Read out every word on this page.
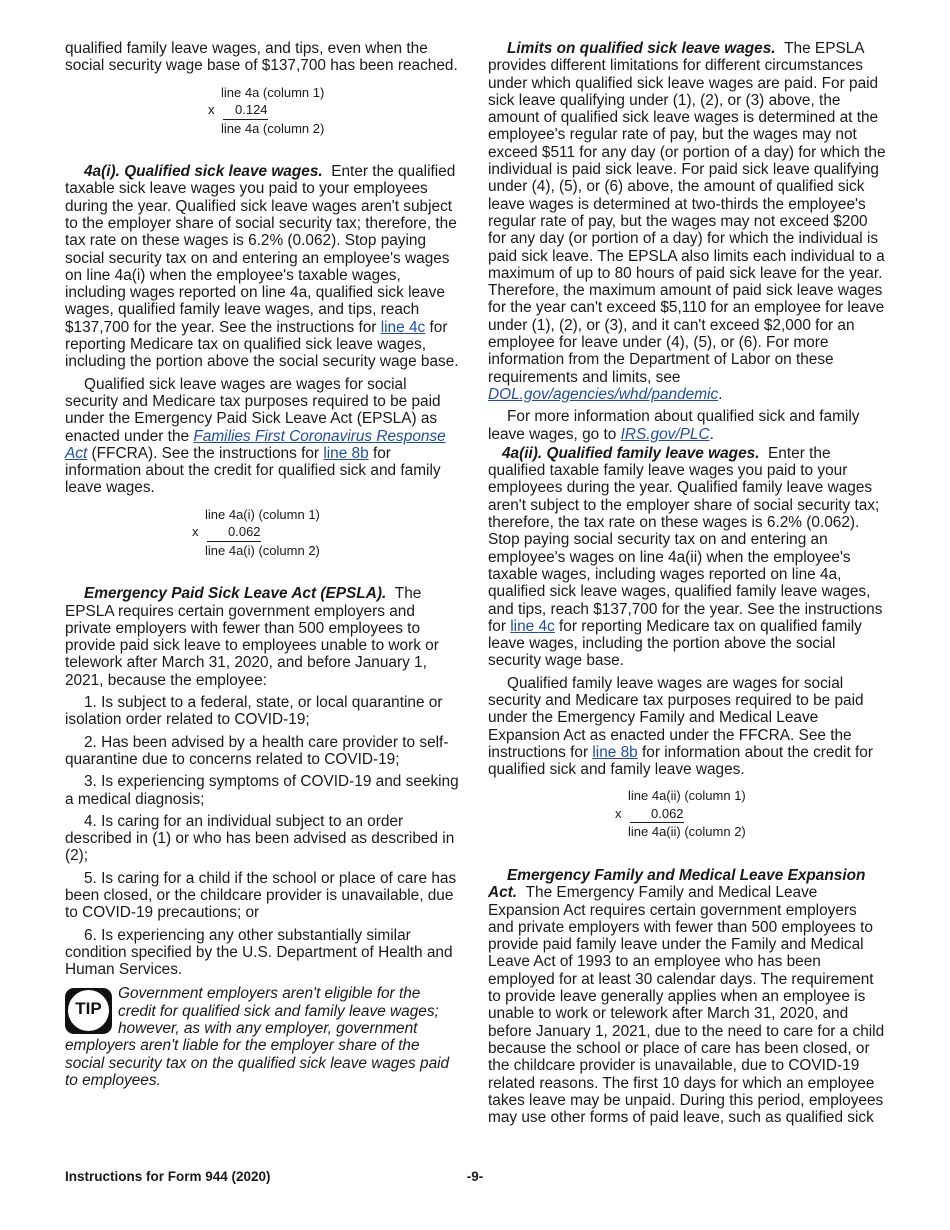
qualified family leave wages, and tips, even when the social security wage base of $137,700 has been reached.

line 4a (column 1)
x 0.124
line 4a (column 2)

4a(i). Qualified sick leave wages. Enter the qualified taxable sick leave wages you paid to your employees during the year. Qualified sick leave wages aren't subject to the employer share of social security tax; therefore, the tax rate on these wages is 6.2% (0.062). Stop paying social security tax on and entering an employee's wages on line 4a(i) when the employee's taxable wages, including wages reported on line 4a, qualified sick leave wages, qualified family leave wages, and tips, reach $137,700 for the year. See the instructions for line 4c for reporting Medicare tax on qualified sick leave wages, including the portion above the social security wage base.

Qualified sick leave wages are wages for social security and Medicare tax purposes required to be paid under the Emergency Paid Sick Leave Act (EPSLA) as enacted under the Families First Coronavirus Response Act (FFCRA). See the instructions for line 8b for information about the credit for qualified sick and family leave wages.

line 4a(i) (column 1)
x 0.062
line 4a(i) (column 2)

Emergency Paid Sick Leave Act (EPSLA). The EPSLA requires certain government employers and private employers with fewer than 500 employees to provide paid sick leave to employees unable to work or telework after March 31, 2020, and before January 1, 2021, because the employee:

1. Is subject to a federal, state, or local quarantine or isolation order related to COVID-19;

2. Has been advised by a health care provider to self-quarantine due to concerns related to COVID-19;

3. Is experiencing symptoms of COVID-19 and seeking a medical diagnosis;

4. Is caring for an individual subject to an order described in (1) or who has been advised as described in (2);

5. Is caring for a child if the school or place of care has been closed, or the childcare provider is unavailable, due to COVID-19 precautions; or

6. Is experiencing any other substantially similar condition specified by the U.S. Department of Health and Human Services.

TIP

Government employers aren't eligible for the credit for qualified sick and family leave wages; however, as with any employer, government employers aren't liable for the employer share of the social security tax on the qualified sick leave wages paid to employees.

Limits on qualified sick leave wages. The EPSLA provides different limitations for different circumstances under which qualified sick leave wages are paid. For paid sick leave qualifying under (1), (2), or (3) above, the amount of qualified sick leave wages is determined at the employee's regular rate of pay, but the wages may not exceed $511 for any day (or portion of a day) for which the individual is paid sick leave. For paid sick leave qualifying under (4), (5), or (6) above, the amount of qualified sick leave wages is determined at two-thirds the employee's regular rate of pay, but the wages may not exceed $200 for any day (or portion of a day) for which the individual is paid sick leave. The EPSLA also limits each individual to a maximum of up to 80 hours of paid sick leave for the year. Therefore, the maximum amount of paid sick leave wages for the year can't exceed $5,110 for an employee for leave under (1), (2), or (3), and it can't exceed $2,000 for an employee for leave under (4), (5), or (6). For more information from the Department of Labor on these requirements and limits, see DOL.gov/agencies/whd/pandemic.

For more information about qualified sick and family leave wages, go to IRS.gov/PLC.

4a(ii). Qualified family leave wages. Enter the qualified taxable family leave wages you paid to your employees during the year. Qualified family leave wages aren't subject to the employer share of social security tax; therefore, the tax rate on these wages is 6.2% (0.062). Stop paying social security tax on and entering an employee's wages on line 4a(ii) when the employee's taxable wages, including wages reported on line 4a, qualified sick leave wages, qualified family leave wages, and tips, reach $137,700 for the year. See the instructions for line 4c for reporting Medicare tax on qualified family leave wages, including the portion above the social security wage base.

Qualified family leave wages are wages for social security and Medicare tax purposes required to be paid under the Emergency Family and Medical Leave Expansion Act as enacted under the FFCRA. See the instructions for line 8b for information about the credit for qualified sick and family leave wages.

line 4a(ii) (column 1)
x 0.062
line 4a(ii) (column 2)

Emergency Family and Medical Leave Expansion Act. The Emergency Family and Medical Leave Expansion Act requires certain government employers and private employers with fewer than 500 employees to provide paid family leave under the Family and Medical Leave Act of 1993 to an employee who has been employed for at least 30 calendar days. The requirement to provide leave generally applies when an employee is unable to work or telework after March 31, 2020, and before January 1, 2021, due to the need to care for a child because the school or place of care has been closed, or the childcare provider is unavailable, due to COVID-19 related reasons. The first 10 days for which an employee takes leave may be unpaid. During this period, employees may use other forms of paid leave, such as qualified sick

-9-
Instructions for Form 944 (2020)
